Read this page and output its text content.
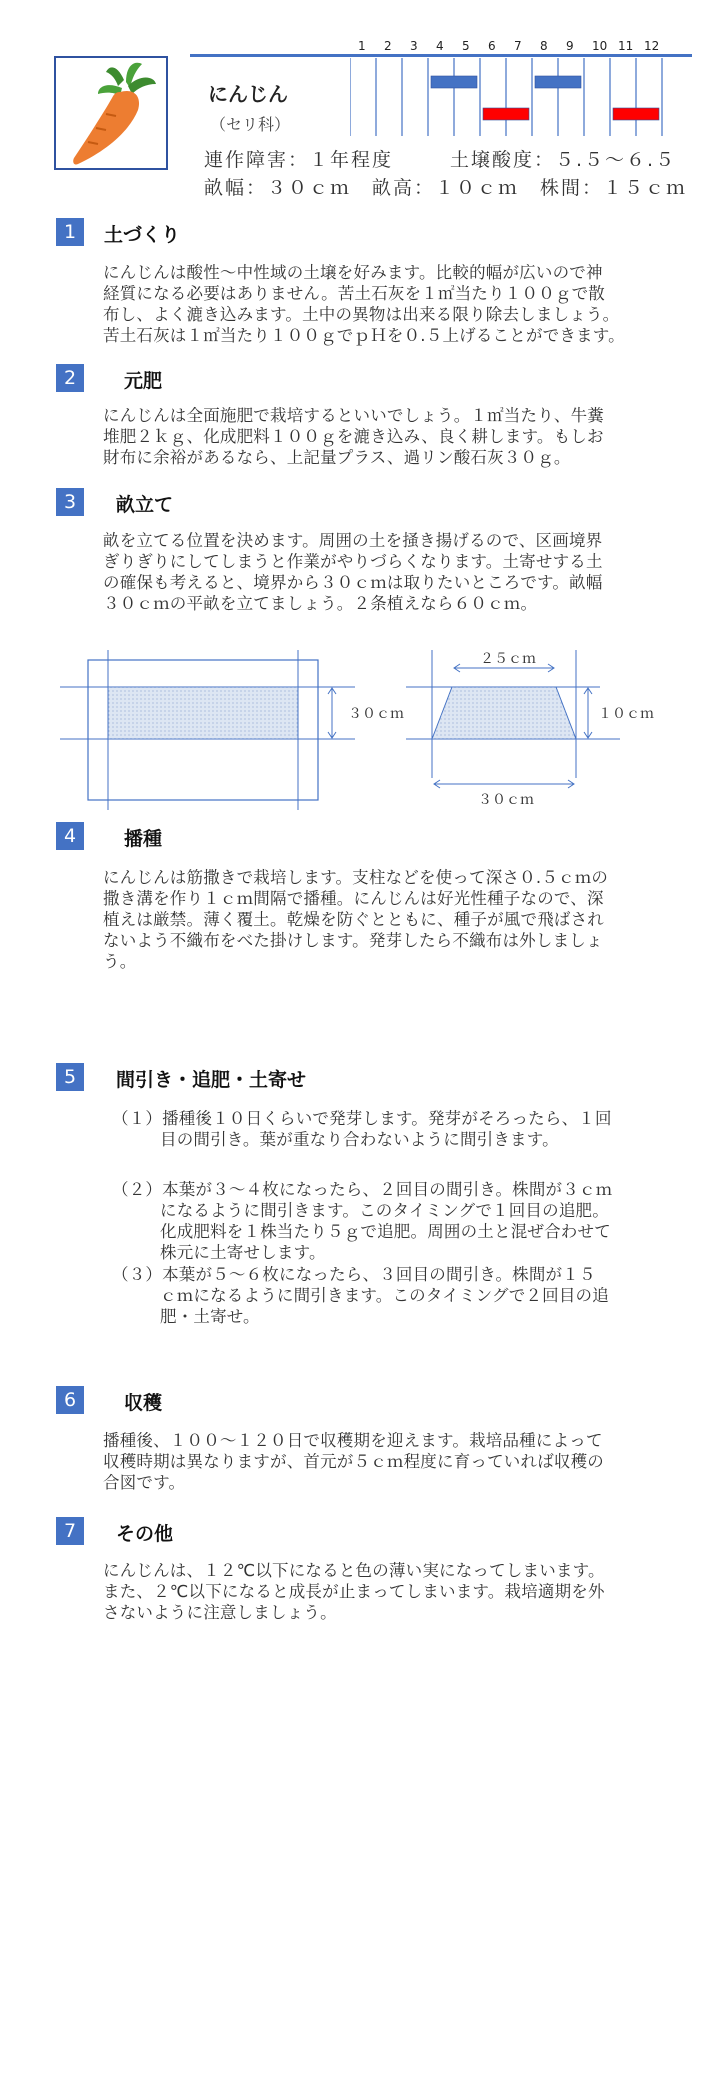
にんじん
（セリ科）
連作障害：１年程度	土壌酸度：５.５～６.５
畝幅：３０ｃｍ　畝高：１０ｃｍ　株間：１５ｃｍ
1 2 3 4 5 6 7 8 9 10 11 12
1	土づくり
にんじんは酸性～中性域の土壌を好みます。比較的幅が広いので神
経質になる必要はありません。苦土石灰を１㎡当たり１００ｇで散
布し、よく漉き込みます。土中の異物は出来る限り除去しましょう。
苦土石灰は１㎡当たり１００ｇでｐＨを０.５上げることができます。
2	元肥
にんじんは全面施肥で栽培するといいでしょう。１㎡当たり、牛糞
堆肥２ｋｇ、化成肥料１００ｇを漉き込み、良く耕します。もしお
財布に余裕があるなら、上記量プラス、過リン酸石灰３０ｇ。
3	畝立て
畝を立てる位置を決めます。周囲の土を掻き揚げるので、区画境界
ぎりぎりにしてしまうと作業がやりづらくなります。土寄せする土
の確保も考えると、境界から３０ｃｍは取りたいところです。畝幅
３０ｃｍの平畝を立てましょう。２条植えなら６０ｃｍ。
4	播種
にんじんは筋撒きで栽培します。支柱などを使って深さ０.５ｃｍの
撒き溝を作り１ｃｍ間隔で播種。にんじんは好光性種子なので、深
植えは厳禁。薄く覆土。乾燥を防ぐとともに、種子が風で飛ばされ
ないよう不織布をべた掛けします。発芽したら不織布は外しましょ
う。
5	間引き・追肥・土寄せ
（１）播種後１０日くらいで発芽します。発芽がそろったら、１回
目の間引き。葉が重なり合わないように間引きます。
（２）本葉が３～４枚になったら、２回目の間引き。株間が３ｃｍ
になるように間引きます。このタイミングで１回目の追肥。
化成肥料を１株当たり５ｇで追肥。周囲の土と混ぜ合わせて
株元に土寄せします。
（３）本葉が５～６枚になったら、３回目の間引き。株間が１５
ｃｍになるように間引きます。このタイミングで２回目の追
肥・土寄せ。
6	収穫
播種後、１００～１２０日で収穫期を迎えます。栽培品種によって
収穫時期は異なりますが、首元が５ｃｍ程度に育っていれば収穫の
合図です。
7	その他
にんじんは、１２℃以下になると色の薄い実になってしまいます。
また、２℃以下になると成長が止まってしまいます。栽培適期を外
さないように注意しましょう。
３０ｃｍ
２５ｃｍ
１０ｃｍ
３０ｃｍ
